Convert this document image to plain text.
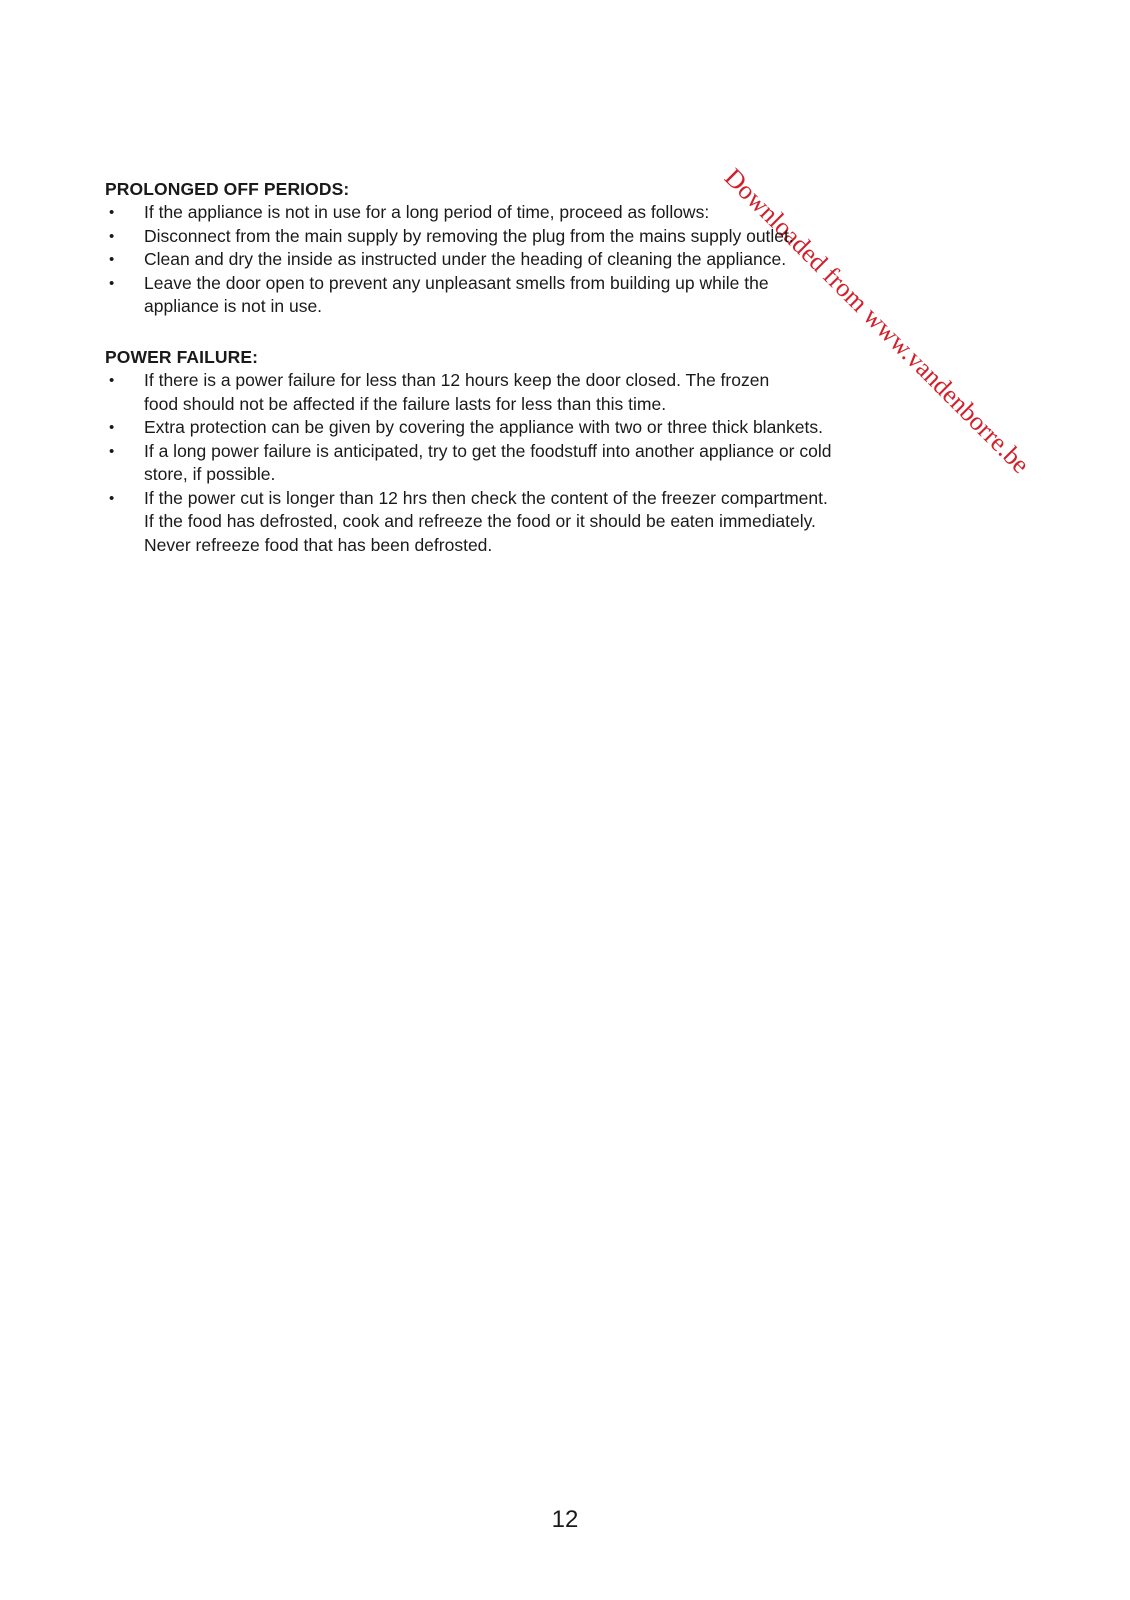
Downloaded from www.vandenborre.be
PROLONGED OFF PERIODS:
• If the appliance is not in use for a long period of time, proceed as follows:
• Disconnect from the main supply by removing the plug from the mains supply outlet.
• Clean and dry the inside as instructed under the heading of cleaning the appliance.
• Leave the door open to prevent any unpleasant smells from building up while the
appliance is not in use.
POWER FAILURE:
• If there is a power failure for less than 12 hours keep the door closed. The frozen
food should not be affected if the failure lasts for less than this time.
• Extra protection can be given by covering the appliance with two or three thick blankets.
• If a long power failure is anticipated, try to get the foodstuff into another appliance or cold
store, if possible.
• If the power cut is longer than 12 hrs then check the content of the freezer compartment.
If the food has defrosted, cook and refreeze the food or it should be eaten immediately.
Never refreeze food that has been defrosted.
12
